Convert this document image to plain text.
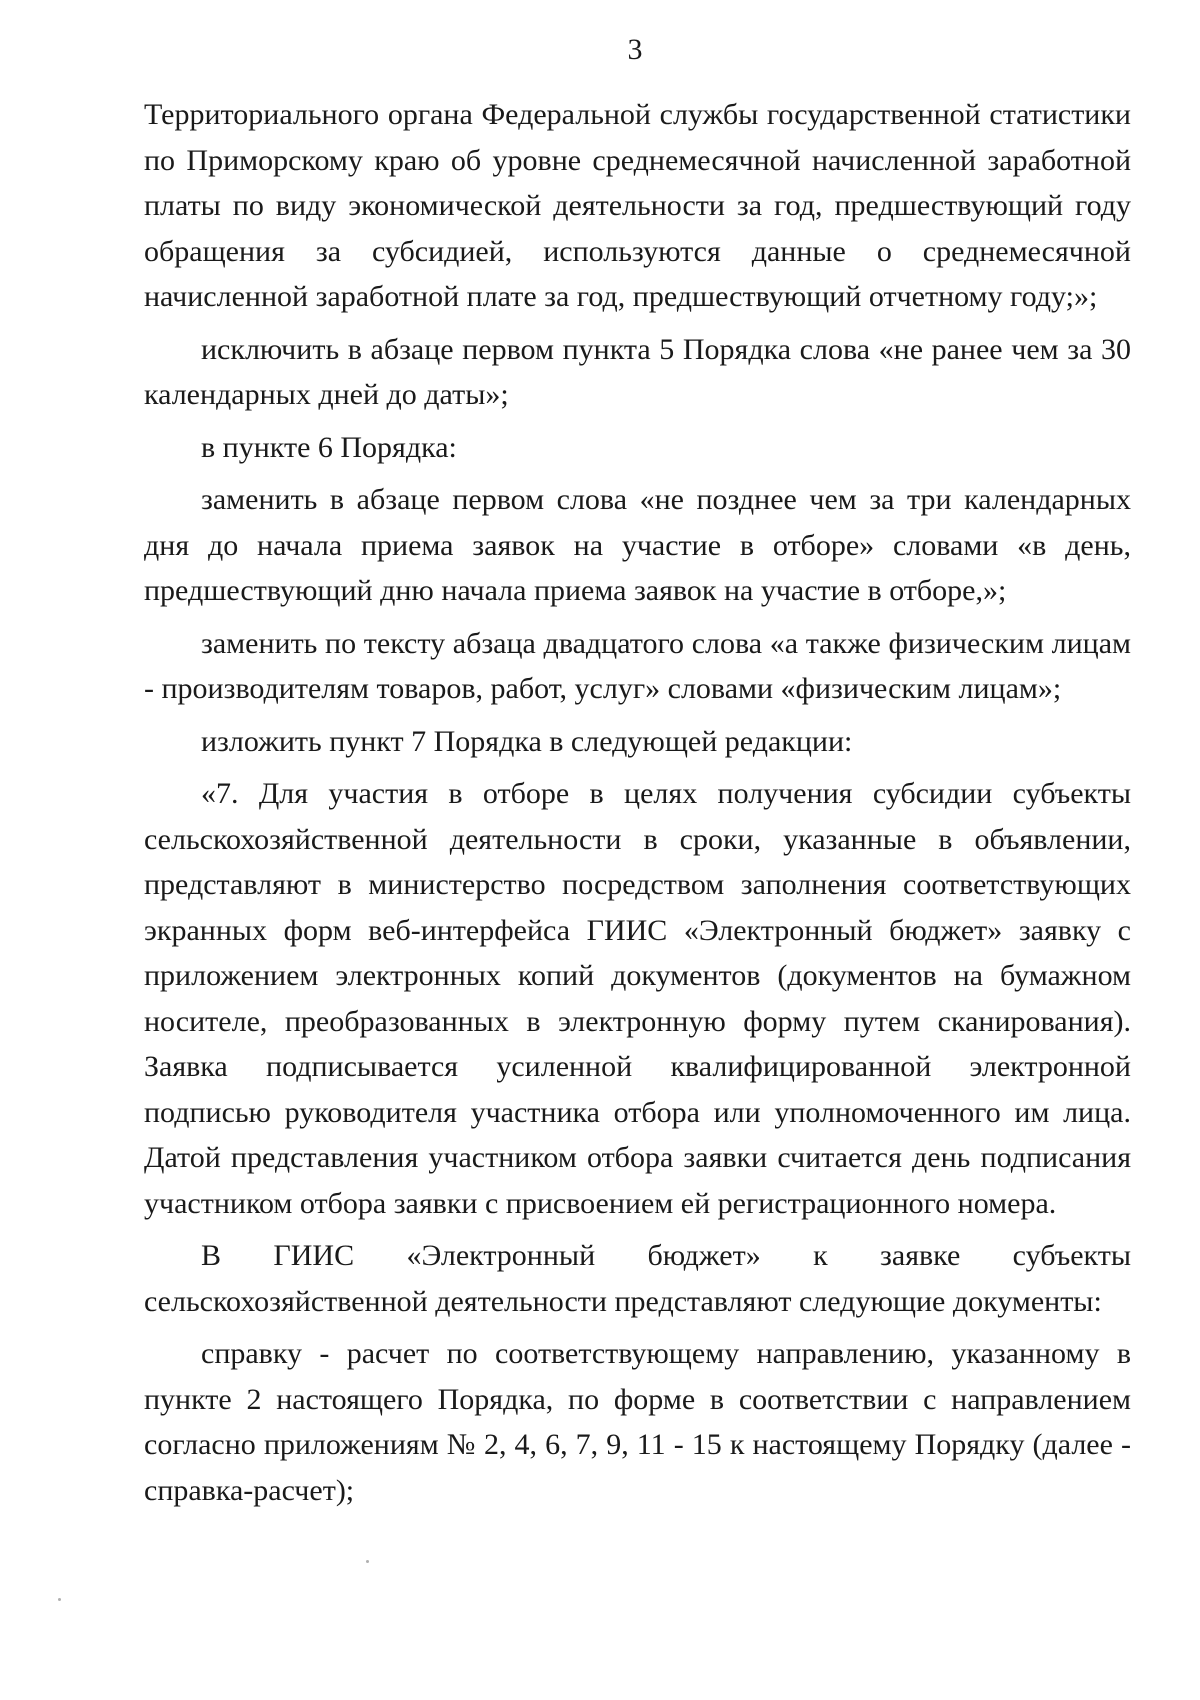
3

Территориального органа Федеральной службы государственной статистики по Приморскому краю об уровне среднемесячной начисленной заработной платы по виду экономической деятельности за год, предшествующий году обращения за субсидией, используются данные о среднемесячной начисленной заработной плате за год, предшествующий отчетному году;»;

исключить в абзаце первом пункта 5 Порядка слова «не ранее чем за 30 календарных дней до даты»;

в пункте 6 Порядка:

заменить в абзаце первом слова «не позднее чем за три календарных дня до начала приема заявок на участие в отборе» словами «в день, предшествующий дню начала приема заявок на участие в отборе,»;

заменить по тексту абзаца двадцатого слова «а также физическим лицам - производителям товаров, работ, услуг» словами «физическим лицам»;

изложить пункт 7 Порядка в следующей редакции:

«7. Для участия в отборе в целях получения субсидии субъекты сельскохозяйственной деятельности в сроки, указанные в объявлении, представляют в министерство посредством заполнения соответствующих экранных форм веб-интерфейса ГИИС «Электронный бюджет» заявку с приложением электронных копий документов (документов на бумажном носителе, преобразованных в электронную форму путем сканирования). Заявка подписывается усиленной квалифицированной электронной подписью руководителя участника отбора или уполномоченного им лица. Датой представления участником отбора заявки считается день подписания участником отбора заявки с присвоением ей регистрационного номера.

В ГИИС «Электронный бюджет» к заявке субъекты сельскохозяйственной деятельности представляют следующие документы:

справку - расчет по соответствующему направлению, указанному в пункте 2 настоящего Порядка, по форме в соответствии с направлением согласно приложениям № 2, 4, 6, 7, 9, 11 - 15 к настоящему Порядку (далее - справка-расчет);
